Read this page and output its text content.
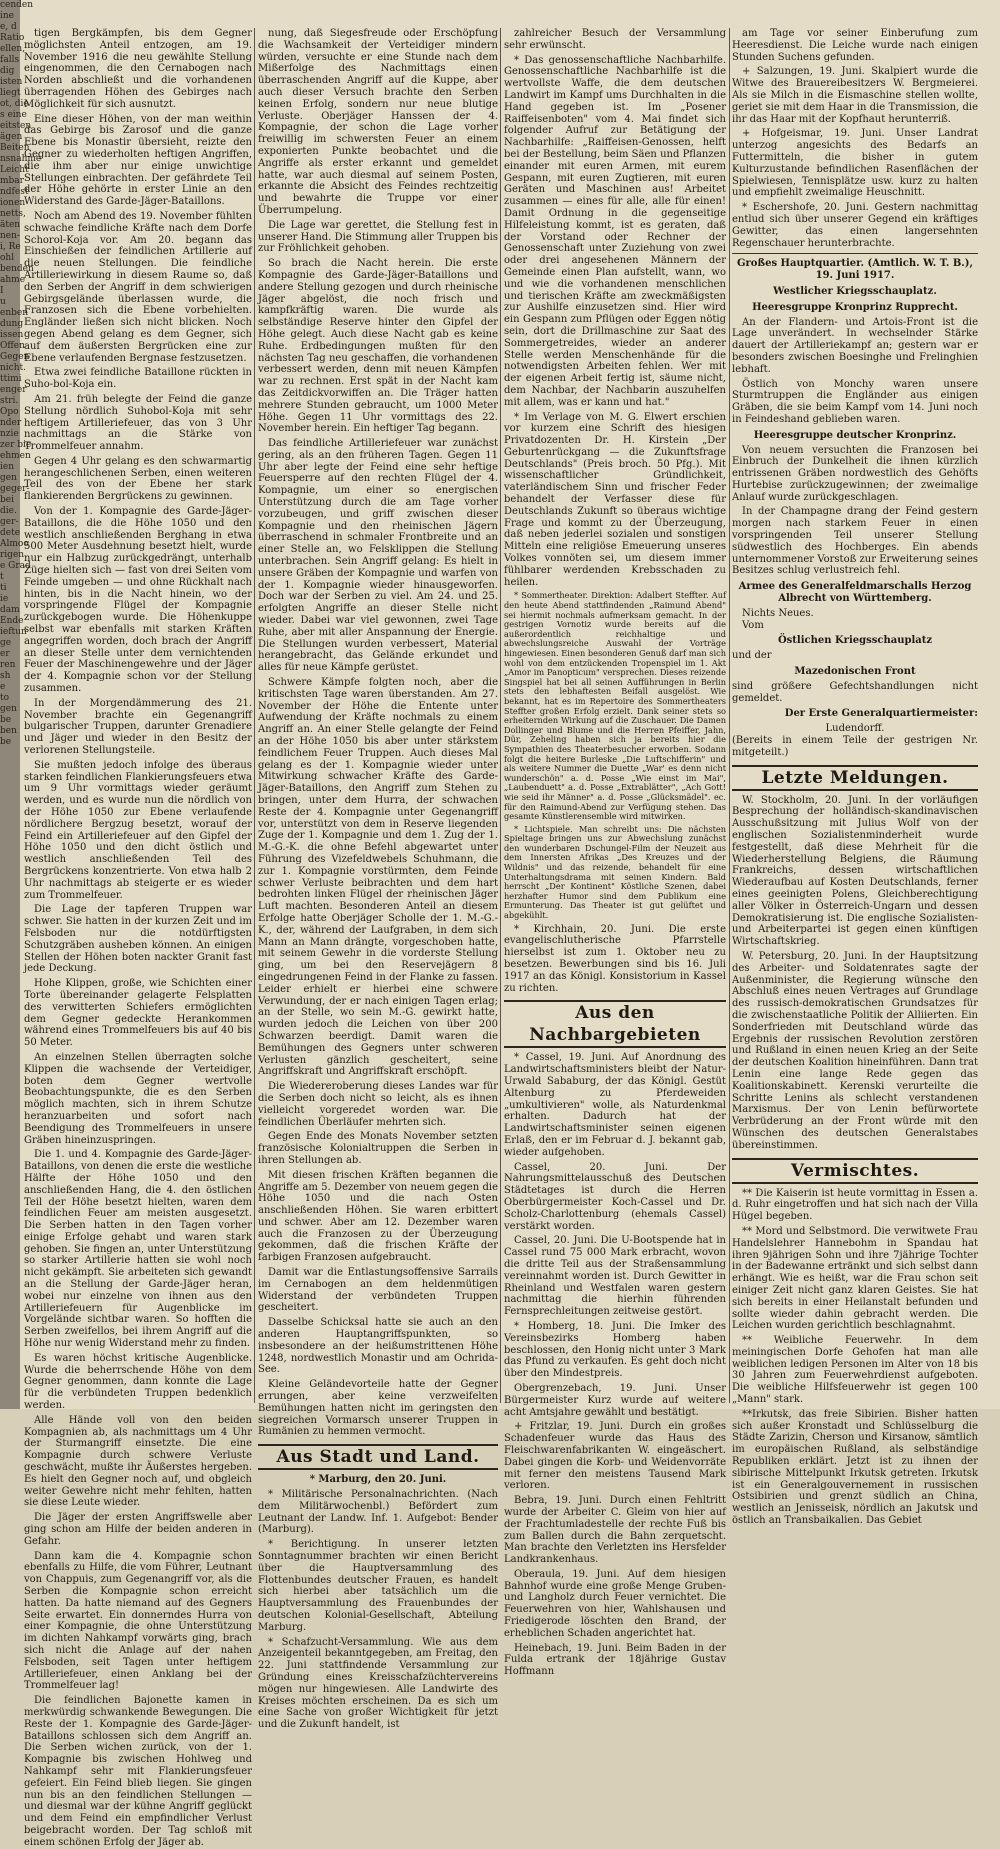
cenden
ine
e, d
Ratio
ellen,
falls
dig
isten
liegt
ot, die
s eine
eitsten
ägen
Beiten
nsnahme
Leicht
mbar
ndfest
ionen
netts,
äten
nen-
i, Re
ohl
benden
ahme
I
u
enben
dung
issen
Offen
Gegen
nicht.
ttimi
enger
stri.
Opo
nder
nzie
zer bie
ehmen
ien
gen
geger-
bei
die.
ger-
dete
Almoo
rigen
e Grad
t
ti
ie
dam
Ende
ieftun
ge
er
ren
sh
e
to
gen
be
ben
be

tigen Bergkämpfen, bis dem Gegner möglichsten Anteil entzogen, am 19. November 1916 die neu gewählte Stellung eingenommen, die den Cernabogen nach Norden abschließt und die vorhandenen überragenden Höhen des Gebirges nach Möglichkeit für sich ausnutzt.

Eine dieser Höhen, von der man weithin das Gebirge bis Zarosof und die ganze Ebene bis Monastir übersieht, reizte den Gegner zu wiederholten heftigen Angriffen, die ihm aber nur einige unwichtige Stellungen einbrachten. Der gefährdete Teil der Höhe gehörte in erster Linie an den Widerstand des Garde-Jäger-Bataillons.

Noch am Abend des 19. November fühlten schwache feindliche Kräfte nach dem Dorfe Schorol-Koja vor. Am 20. begann das Einschießen der feindlichen Artillerie auf die neuen Stellungen. Die feindliche Artilleriewirkung in diesem Raume so, daß den Serben der Angriff in dem schwierigen Gebirgsgelände überlassen wurde, die Franzosen sich die Ebene vorbehielten. Engländer ließen sich nicht blicken. Noch gegen Abend gelang es dem Gegner, sich auf dem äußersten Bergrücken eine zur Ebene verlaufenden Bergnase festzusetzen.

Etwa zwei feindliche Bataillone rückten in Suho-bol-Koja ein.

Am 21. früh belegte der Feind die ganze Stellung nördlich Suhobol-Koja mit sehr heftigem Artilleriefeuer, das von 3 Uhr nachmittags an die Stärke von Trommelfeuer annahm.

Gegen 4 Uhr gelang es den schwarmartig herangeschlichenen Serben, einen weiteren Teil des von der Ebene her stark flankierenden Bergrückens zu gewinnen.

Von der 1. Kompagnie des Garde-Jäger-Bataillons, die die Höhe 1050 und den westlich anschließenden Berghang in etwa 500 Meter Ausdehnung besetzt hielt, wurde nur ein Halbzug zurückgedrängt, unterhalb Züge hielten sich — fast von drei Seiten vom Feinde umgeben — und ohne Rückhalt nach hinten, bis in die Nacht hinein, wo der vorspringende Flügel der Kompagnie zurückgebogen wurde. Die Höhenkuppe selbst war ebenfalls mit starken Kräften angegriffen worden, doch brach der Angriff an dieser Stelle unter dem vernichtenden Feuer der Maschinengewehre und der Jäger der 4. Kompagnie schon vor der Stellung zusammen.

In der Morgendämmerung des 21. November brachte ein Gegenangriff bulgarischer Truppen, darunter Grenadiere und Jäger und wieder in den Besitz der verlorenen Stellungsteile.

Sie mußten jedoch infolge des überaus starken feindlichen Flankierungsfeuers etwa um 9 Uhr vormittags wieder geräumt werden, und es wurde nun die nördlich von der Höhe 1050 zur Ebene verlaufende nördlichere Bergzug besetzt, worauf der Feind ein Artilleriefeuer auf den Gipfel der Höhe 1050 und den dicht östlich und westlich anschließenden Teil des Bergrückens konzentrierte. Von etwa halb 2 Uhr nachmittags ab steigerte er es wieder zum Trommelfeuer.

Die Lage der tapferen Truppen war schwer. Sie hatten in der kurzen Zeit und im Felsboden nur die notdürftigsten Schutzgräben ausheben können. An einigen Stellen der Höhen boten nackter Granit fast jede Deckung.

Hohe Klippen, große, wie Schichten einer Torte übereinander gelagerte Felsplatten des verwitterten Schiefers ermöglichten dem Gegner gedeckte Herankommen während eines Trommelfeuers bis auf 40 bis 50 Meter.

An einzelnen Stellen überragten solche Klippen die wachsende der Verteidiger, boten dem Gegner wertvolle Beobachtungspunkte, die es den Serben möglich machten, sich in ihrem Schutze heranzuarbeiten und sofort nach Beendigung des Trommelfeuers in unsere Gräben hineinzuspringen.

Die 1. und 4. Kompagnie des Garde-Jäger-Bataillons, von denen die erste die westliche Hälfte der Höhe 1050 und den anschließenden Hang, die 4. den östlichen Teil der Höhe besetzt hielten, waren dem feindlichen Feuer am meisten ausgesetzt. Die Serben hatten in den Tagen vorher einige Erfolge gehabt und waren stark gehoben. Sie fingen an, unter Unterstützung so starker Artillerie hatten sie wohl noch nicht gekämpft. Sie arbeiteten sich gewandt an die Stellung der Garde-Jäger heran, wobei nur einzelne von ihnen aus den Artilleriefeuern für Augenblicke im Vorgelände sichtbar waren. So hofften die Serben zweifellos, bei ihrem Angriff auf die Höhe nur wenig Widerstand mehr zu finden.

Es waren höchst kritische Augenblicke. Wurde die beherrschende Höhe von dem Gegner genommen, dann konnte die Lage für die verbündeten Truppen bedenklich werden.

Alle Hände voll von den beiden Kompagnien ab, als nachmittags um 4 Uhr der Sturmangriff einsetzte. Die eine Kompagnie durch schwere Verluste geschwächt, mußte ihr Äußerstes hergeben. Es hielt den Gegner noch auf, und obgleich weiter Gewehre nicht mehr fehlten, hatten sie diese Leute wieder.

Die Jäger der ersten Angriffswelle aber ging schon am Hilfe der beiden anderen in Gefahr.

Dann kam die 4. Kompagnie schon ebenfalls zu Hilfe, die vom Führer, Leutnant von Chappuis, zum Gegenangriff vor, als die Serben die Kompagnie schon erreicht hatten. Da hatte niemand auf des Gegners Seite erwartet. Ein donnerndes Hurra von einer Kompagnie, die ohne Unterstützung im dichten Nahkampf vorwärts ging, brach sich nicht die Anlage auf der nahen Felsboden, seit Tagen unter heftigem Artilleriefeuer, einen Anklang bei der Trommelfeuer lag!

Die feindlichen Bajonette kamen in merkwürdig schwankende Bewegungen. Die Reste der 1. Kompagnie des Garde-Jäger-Bataillons schlossen sich dem Angriff an. Die Serben wichen zurück, von der 1. Kompagnie bis zwischen Hohlweg und Nahkampf sehr mit Flankierungsfeuer gefeiert. Ein Feind blieb liegen. Sie gingen nun bis an den feindlichen Stellungen — und diesmal war der kühne Angriff geglückt und dem Feind ein empfindlicher Verlust beigebracht worden. Der Tag schloß mit einem schönen Erfolg der Jäger ab.

nung, daß Siegesfreude oder Erschöpfung die Wachsamkeit der Verteidiger mindern würden, versuchte er eine Stunde nach dem Mißerfolge des Nachmittags einen überraschenden Angriff auf die Kuppe, aber auch dieser Versuch brachte den Serben keinen Erfolg, sondern nur neue blutige Verluste. Oberjäger Hanssen der 4. Kompagnie, der schon die Lage vorher freiwillig im schwersten Feuer an einem exponierten Punkte beobachtet und die Angriffe als erster erkannt und gemeldet hatte, war auch diesmal auf seinem Posten, erkannte die Absicht des Feindes rechtzeitig und bewahrte die Truppe vor einer Überrumpelung.

Die Lage war gerettet, die Stellung fest in unserer Hand. Die Stimmung aller Truppen bis zur Fröhlichkeit gehoben.

So brach die Nacht herein. Die erste Kompagnie des Garde-Jäger-Bataillons und andere Stellung gezogen und durch rheinische Jäger abgelöst, die noch frisch und kampfkräftig waren. Die wurde als selbständige Reserve hinter den Gipfel der Höhe gelegt. Auch diese Nacht gab es keine Ruhe. Erdbedingungen mußten für den nächsten Tag neu geschaffen, die vorhandenen verbessert werden, denn mit neuen Kämpfen war zu rechnen. Erst spät in der Nacht kam das Zeitdickvorwiffen an. Die Träger hatten mehrere Stunden gebraucht, um 1000 Meter Höhe. Gegen 11 Uhr vormittags des 22. November herein. Ein heftiger Tag begann.

Das feindliche Artilleriefeuer war zunächst gering, als an den früheren Tagen. Gegen 11 Uhr aber legte der Feind eine sehr heftige Feuersperre auf den rechten Flügel der 4. Kompagnie, um einer so energischen Unterstützung durch die am Tage vorher vorzubeugen, und griff zwischen dieser Kompagnie und den rheinischen Jägern überraschend in schmaler Frontbreite und an einer Stelle an, wo Felsklippen die Stellung unterbrachen. Sein Angriff gelang: Es hielt in unsere Gräben der Kompagnie und warfen von der 1. Kompagnie wieder hinausgeworfen. Doch war der Serben zu viel. Am 24. und 25. erfolgten Angriffe an dieser Stelle nicht wieder. Dabei war viel gewonnen, zwei Tage Ruhe, aber mit aller Anspannung der Energie. Die Stellungen wurden verbessert, Material herangebracht, das Gelände erkundet und alles für neue Kämpfe gerüstet.

Schwere Kämpfe folgten noch, aber die kritischsten Tage waren überstanden. Am 27. November der Höhe die Entente unter Aufwendung der Kräfte nochmals zu einem Angriff an. An einer Stelle gelangte der Feind an der Höhe 1050 bis aber unter stärkstem feindlichem Feuer Truppen. Auch dieses Mal gelang es der 1. Kompagnie wieder unter Mitwirkung schwacher Kräfte des Garde-Jäger-Bataillons, den Angriff zum Stehen zu bringen, unter dem Hurra, der schwachen Reste der 4. Kompagnie unter Gegenangriff vor, unterstützt von dem in Reserve liegenden Zuge der 1. Kompagnie und dem 1. Zug der 1. M.-G.-K. die ohne Befehl abgewartet unter Führung des Vizefeldwebels Schuhmann, die zur 1. Kompagnie vorstürmten, dem Feinde schwer Verluste beibrachten und dem hart bedrohten linken Flügel der rheinischen Jäger Luft machten. Besonderen Anteil an diesem Erfolge hatte Oberjäger Scholle der 1. M.-G.-K., der, während der Laufgraben, in dem sich Mann an Mann drängte, vorgeschoben hatte, mit seinem Gewehr in die vorderste Stellung ging, um bei den Reservejägern 8 eingedrungenen Feind in der Flanke zu fassen. Leider erhielt er hierbei eine schwere Verwundung, der er nach einigen Tagen erlag; an der Stelle, wo sein M.-G. gewirkt hatte, wurden jedoch die Leichen von über 200 Schwarzen beerdigt. Damit waren die Bemühungen des Gegners unter schweren Verlusten gänzlich gescheitert, seine Angriffskraft und Angriffskraft erschöpft.

Die Wiedereroberung dieses Landes war für die Serben doch nicht so leicht, als es ihnen vielleicht vorgeredet worden war. Die feindlichen Überläufer mehrten sich.

Gegen Ende des Monats November setzten französische Kolonialtruppen die Serben in ihren Stellungen ab.

Mit diesen frischen Kräften begannen die Angriffe am 5. Dezember von neuem gegen die Höhe 1050 und die nach Osten anschließenden Höhen. Sie waren erbittert und schwer. Aber am 12. Dezember waren auch die Franzosen zu der Überzeugung gekommen, daß die frischen Kräfte der farbigen Franzosen aufgebraucht.

Damit war die Entlastungsoffensive Sarrails im Cernabogen an dem heldenmütigen Widerstand der verbündeten Truppen gescheitert.

Dasselbe Schicksal hatte sie auch an den anderen Hauptangriffspunkten, so insbesondere an der heißumstrittenen Höhe 1248, nordwestlich Monastir und am Ochrida-See.

Kleine Geländevorteile hatte der Gegner errungen, aber keine verzweifelten Bemühungen hatten nicht im geringsten den siegreichen Vormarsch unserer Truppen in Rumänien zu hemmen vermocht.

Aus Stadt und Land.
* Marburg, den 20. Juni.

* Militärische Personalnachrichten. (Nach dem Militärwochenbl.) Befördert zum Leutnant der Landw. Inf. 1. Aufgebot: Bender (Marburg).

* Berichtigung. In unserer letzten Sonntagnummer brachten wir einen Bericht über die Hauptversammlung des Flottenbundes deutscher Frauen, es handelt sich hierbei aber tatsächlich um die Hauptversammlung des Frauenbundes der deutschen Kolonial-Gesellschaft, Abteilung Marburg.

* Schafzucht-Versammlung. Wie aus dem Anzeigenteil bekanntgegeben, am Freitag, den 22. Juni stattfindende Versammlung zur Gründung eines Kreisschafzüchtervereins mögen nur hingewiesen. Alle Landwirte des Kreises möchten erscheinen. Da es sich um eine Sache von großer Wichtigkeit für jetzt und die Zukunft handelt, ist

zahlreicher Besuch der Versammlung sehr erwünscht.

* Das genossenschaftliche Nachbarhilfe. Genossenschaftliche Nachbarhilfe ist die wertvollste Waffe, die dem deutschen Landwirt im Kampf ums Durchhalten in die Hand gegeben ist. Im „Posener Raiffeisenboten" vom 4. Mai findet sich folgender Aufruf zur Betätigung der Nachbarhilfe: „Raiffeisen-Genossen, helft bei der Bestellung, beim Säen und Pflanzen einander mit euren Armen, mit eurem Gespann, mit euren Zugtieren, mit euren Geräten und Maschinen aus! Arbeitet zusammen — eines für alle, alle für einen! Damit Ordnung in die gegenseitige Hilfeleistung kommt, ist es geraten, daß der Vorstand oder Rechner der Genossenschaft unter Zuziehung von zwei oder drei angesehenen Männern der Gemeinde einen Plan aufstellt, wann, wo und wie die vorhandenen menschlichen und tierischen Kräfte am zweckmäßigsten zur Aushilfe einzusetzen sind. Hier wird ein Gespann zum Pflügen oder Eggen nötig sein, dort die Drillmaschine zur Saat des Sommergetreides, wieder an anderer Stelle werden Menschenhände für die notwendigsten Arbeiten fehlen. Wer mit der eigenen Arbeit fertig ist, säume nicht, dem Nachbar, der Nachbarin auszuhelfen mit allem, was er kann und hat."

* Im Verlage von M. G. Elwert erschien vor kurzem eine Schrift des hiesigen Privatdozenten Dr. H. Kirstein „Der Geburtenrückgang — die Zukunftsfrage Deutschlands" (Preis broch. 50 Pfg.). Mit wissenschaftlicher Gründlichkeit, vaterländischem Sinn und frischer Feder behandelt der Verfasser diese für Deutschlands Zukunft so überaus wichtige Frage und kommt zu der Überzeugung, daß neben jederlei sozialen und sonstigen Mitteln eine religiöse Emeuerung unseres Volkes vonnöten sei, um diesem immer fühlbarer werdenden Krebsschaden zu heilen.

* Sommertheater. Direktion: Adalbert Steffter. Auf den heute Abend stattfindenden „Raimund Abend" sei hiermit nochmals aufmerksam gemacht. In der gestrigen Vornotiz wurde bereits auf die außerordentlich reichhaltige und abwechslungsreiche Auswahl der Vorträge hingewiesen. Einen besonderen Genuß darf man sich wohl von dem entzückenden Tropenspiel im 1. Akt „Amor im Panopticum" versprechen. Dieses reizende Singspiel hat bei all seinen Aufführungen in Berlin stets den lebhaftesten Beifall ausgelöst. Wie bekannt, hat es im Repertoire des Sommertheaters Steffter großen Erfolg erzielt. Dank seiner stets so erheiternden Wirkung auf die Zuschauer. Die Damen Dollinger und Blume und die Herren Pfeiffer, Jahn, Dür, Zeheling haben sich ja bereits hier die Sympathien des Theaterbesucher erworben. Sodann folgt die heitere Burleske „Die Luftschifferin" und als weitere Nummer die Duette „War' es denn nicht wunderschön" a. d. Posse „Wie einst im Mai", „Laubenduett" a. d. Posse „Extrablätter", „Ach Gott! wie seid ihr Männer" a. d. Posse „Glücksmädel". ec. für den Raimund-Abend zur Verfügung stehen. Das gesamte Künstlerensemble wird mitwirken.

* Lichtspiele. Man schreibt uns: Die nächsten Spieltage bringen uns zur Abwechslung zunächst den wunderbaren Dschungel-Film der Neuzeit aus dem Innersten Afrikas „Des Kreuzes und der Wildnis" und das reizende, behandelt für eine Unterhaltungsdrama mit seinen Kindern. Bald herrscht „Der Kontinent" Köstliche Szenen, dabei herzhafter Humor sind dem Publikum eine Ermunterung. Das Theater ist gut gelüftet und abgekühlt.

* Kirchhain, 20. Juni. Die erste evangelischlutherische Pfarrstelle hierselbst ist zum 1. Oktober neu zu besetzen. Bewerbungen sind bis 16. Juli 1917 an das Königl. Konsistorium in Kassel zu richten.

Aus den Nachbargebieten

* Cassel, 19. Juni. Auf Anordnung des Landwirtschaftsministers bleibt der Natur-Urwald Sababurg, der das Königl. Gestüt Altenburg zu Pferdeweiden „umkultivieren" wolle, als Naturdenkmal erhalten. Dadurch hat der Landwirtschaftsminister seinen eigenen Erlaß, den er im Februar d. J. bekannt gab, wieder aufgehoben.

Cassel, 20. Juni. Der Nahrungsmittelausschuß des Deutschen Städtetages ist durch die Herren Oberbürgermeister Koch-Cassel und Dr. Scholz-Charlottenburg (ehemals Cassel) verstärkt worden.

Cassel, 20. Juni. Die U-Bootspende hat in Cassel rund 75 000 Mark erbracht, wovon die dritte Teil aus der Straßensammlung vereinnahmt worden ist. Durch Gewitter in Rheinland und Westfalen waren gestern nachmittag die hierhin führenden Fernsprechleitungen zeitweise gestört.

* Homberg, 18. Juni. Die Imker des Vereinsbezirks Homberg haben beschlossen, den Honig nicht unter 3 Mark das Pfund zu verkaufen. Es geht doch nicht über den Mindestpreis.

Obergrenzebach, 19. Juni. Unser Bürgermeister Kurz wurde auf weitere acht Amtsjahre gewählt und bestätigt.

+ Fritzlar, 19. Juni. Durch ein großes Schadenfeuer wurde das Haus des Fleischwarenfabrikanten W. eingeäschert. Dabei gingen die Korb- und Weidenvorräte mit ferner den meistens Tausend Mark verloren.

Bebra, 19. Juni. Durch einen Fehltritt wurde der Arbeiter C. Gleim von hier auf der Frachtumladestelle der rechte Fuß bis zum Ballen durch die Bahn zerquetscht. Man brachte den Verletzten ins Hersfelder Landkrankenhaus.

Oberaula, 19. Juni. Auf dem hiesigen Bahnhof wurde eine große Menge Gruben- und Langholz durch Feuer vernichtet. Die Feuerwehren von hier, Wahlshausen und Friedigerode löschten den Brand, der erheblichen Schaden angerichtet hat.

Heinebach, 19. Juni. Beim Baden in der Fulda ertrank der 18jährige Gustav Hoffmann

am Tage vor seiner Einberufung zum Heeresdienst. Die Leiche wurde nach einigen Stunden Suchens gefunden.

+ Salzungen, 19. Juni. Skalpiert wurde die Witwe des Brauereibesitzers W. Bergmeierei. Als sie Milch in die Eismaschine stellen wollte, geriet sie mit dem Haar in die Transmission, die ihr das Haar mit der Kopfhaut herunterriß.

+ Hofgeismar, 19. Juni. Unser Landrat unterzog angesichts des Bedarfs an Futtermitteln, die bisher in gutem Kulturzustande befindlichen Rasenflächen der Spielwiesen, Tennisplätze usw. kurz zu halten und empfiehlt zweimalige Heuschnitt.

* Eschershofe, 20. Juni. Gestern nachmittag entlud sich über unserer Gegend ein kräftiges Gewitter, das einen langersehnten Regenschauer herunterbrachte.

Großes Hauptquartier. (Amtlich. W. T. B.), 19. Juni 1917.
Westlicher Kriegsschauplatz.
Heeresgruppe Kronprinz Rupprecht.

An der Flandern- und Artois-Front ist die Lage unverändert. In wechselnder Stärke dauert der Artilleriekampf an; gestern war er besonders zwischen Boesinghe und Frelinghien lebhaft.

Östlich von Monchy waren unsere Sturmtruppen die Engländer aus einigen Gräben, die sie beim Kampf vom 14. Juni noch in Feindeshand geblieben waren.

Heeresgruppe deutscher Kronprinz.

Von neuem versuchten die Franzosen bei Einbruch der Dunkelheit die ihnen kürzlich entrissenen Gräben nordwestlich des Gehöfts Hurtebise zurückzugewinnen; der zweimalige Anlauf wurde zurückgeschlagen.

In der Champagne drang der Feind gestern morgen nach starkem Feuer in einen vorspringenden Teil unserer Stellung südwestlich des Hochberges. Ein abends unternommener Vorstoß zur Erweiterung seines Besitzes schlug verlustreich fehl.

Armee des Generalfeldmarschalls Herzog Albrecht von Württemberg.
Nichts Neues.
Vom
Östlichen Kriegsschauplatz
und der
Mazedonischen Front
sind größere Gefechtshandlungen nicht gemeldet.
Der Erste Generalquartiermeister:
Ludendorff.
(Bereits in einem Teile der gestrigen Nr. mitgeteilt.)
Letzte Meldungen.

W. Stockholm, 20. Juni. In der vorläufigen Besprechung der holländisch-skandinavischen Ausschußsitzung mit Julius Wolf von der englischen Sozialistenminderheit wurde festgestellt, daß diese Mehrheit für die Wiederherstellung Belgiens, die Räumung Frankreichs, dessen wirtschaftlichen Wiederaufbau auf Kosten Deutschlands, ferner eines geeinigten Polens, Gleichberechtigung aller Völker in Österreich-Ungarn und dessen Demokratisierung ist. Die englische Sozialisten- und Arbeiterpartei ist gegen einen künftigen Wirtschaftskrieg.

W. Petersburg, 20. Juni. In der Hauptsitzung des Arbeiter- und Soldatenrates sagte der Außenminister, die Regierung wünsche den Abschluß eines neuen Vertrages auf Grundlage des russisch-demokratischen Grundsatzes für die zwischenstaatliche Politik der Alliierten. Ein Sonderfrieden mit Deutschland würde das Ergebnis der russischen Revolution zerstören und Rußland in einen neuen Krieg an der Seite der deutschen Koalition hineinführen. Dann trat Lenin eine lange Rede gegen das Koalitionskabinett. Kerenski verurteilte die Schritte Lenins als schlecht verstandenen Marxismus. Der von Lenin befürwortete Verbrüderung an der Front würde mit den Wünschen des deutschen Generalstabes übereinstimmen.

Vermischtes.

** Die Kaiserin ist heute vormittag in Essen a. d. Ruhr eingetroffen und hat sich nach der Villa Hügel begeben.

** Mord und Selbstmord. Die verwitwete Frau Handelslehrer Hannebohm in Spandau hat ihren 9jährigen Sohn und ihre 7jährige Tochter in der Badewanne ertränkt und sich selbst dann erhängt. Wie es heißt, war die Frau schon seit einiger Zeit nicht ganz klaren Geistes. Sie hat sich bereits in einer Heilanstalt befunden und sollte wieder dahin gebracht werden. Die Leichen wurden gerichtlich beschlagnahmt.

** Weibliche Feuerwehr. In dem meiningischen Dorfe Gehofen hat man alle weiblichen ledigen Personen im Alter von 18 bis 30 Jahren zum Feuerwehrdienst aufgeboten. Die weibliche Hilfsfeuerwehr ist gegen 100 „Mann" stark.

**Irkutsk, das freie Sibirien. Bisher hatten sich außer Kronstadt und Schlüsselburg die Städte Zarizin, Cherson und Kirsanow, sämtlich im europäischen Rußland, als selbständige Republiken erklärt. Jetzt ist zu ihnen der sibirische Mittelpunkt Irkutsk getreten. Irkutsk ist ein Generalgouvernement in russischen Ostsibirien und grenzt südlich an China, westlich an Jenisseisk, nördlich an Jakutsk und östlich an Transbaikalien. Das Gebiet
